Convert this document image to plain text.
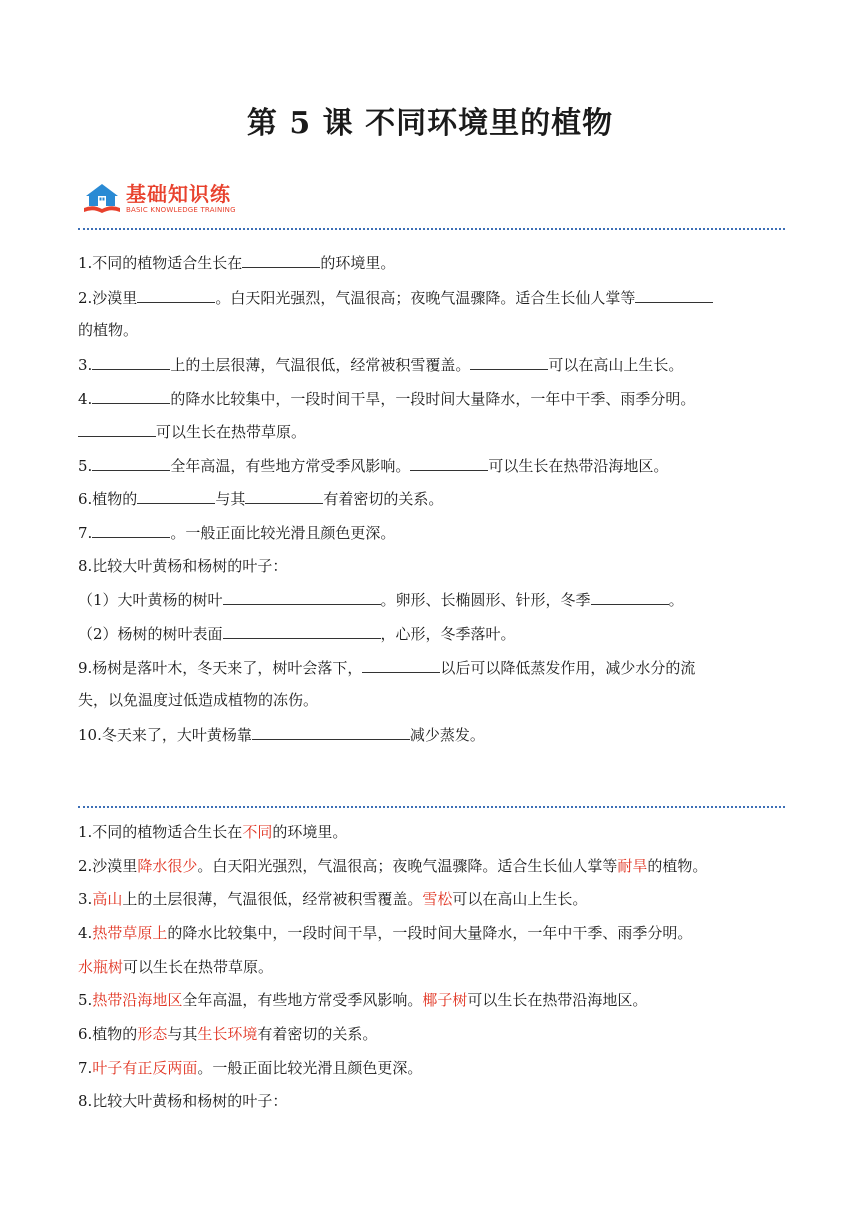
第 5 课 不同环境里的植物
基础知识练
BASIC KNOWLEDGE TRAINING
1.不同的植物适合生长在	的环境里。
2.沙漠里	。白天阳光强烈，气温很高；夜晚气温骤降。适合生长仙人掌等
的植物。
3.	上的土层很薄，气温很低，经常被积雪覆盖。	可以在高山上生长。
4.	的降水比较集中，一段时间干旱，一段时间大量降水，一年中干季、雨季分明。
可以生长在热带草原。
5.	全年高温，有些地方常受季风影响。	可以生长在热带沿海地区。
6.植物的	与其	有着密切的关系。
7.	。一般正面比较光滑且颜色更深。
8.比较大叶黄杨和杨树的叶子：
（1）大叶黄杨的树叶	。卵形、长椭圆形、针形，冬季	。
（2）杨树的树叶表面	，心形，冬季落叶。
9.杨树是落叶木，冬天来了，树叶会落下，	以后可以降低蒸发作用，减少水分的流
失，以免温度过低造成植物的冻伤。
10.冬天来了，大叶黄杨靠	减少蒸发。
1.不同的植物适合生长在不同的环境里。
2.沙漠里降水很少。白天阳光强烈，气温很高；夜晚气温骤降。适合生长仙人掌等耐旱的植物。
3.高山上的土层很薄，气温很低，经常被积雪覆盖。雪松可以在高山上生长。
4.热带草原上的降水比较集中，一段时间干旱，一段时间大量降水，一年中干季、雨季分明。
水瓶树可以生长在热带草原。
5.热带沿海地区全年高温，有些地方常受季风影响。椰子树可以生长在热带沿海地区。
6.植物的形态与其生长环境有着密切的关系。
7.叶子有正反两面。一般正面比较光滑且颜色更深。
8.比较大叶黄杨和杨树的叶子：
